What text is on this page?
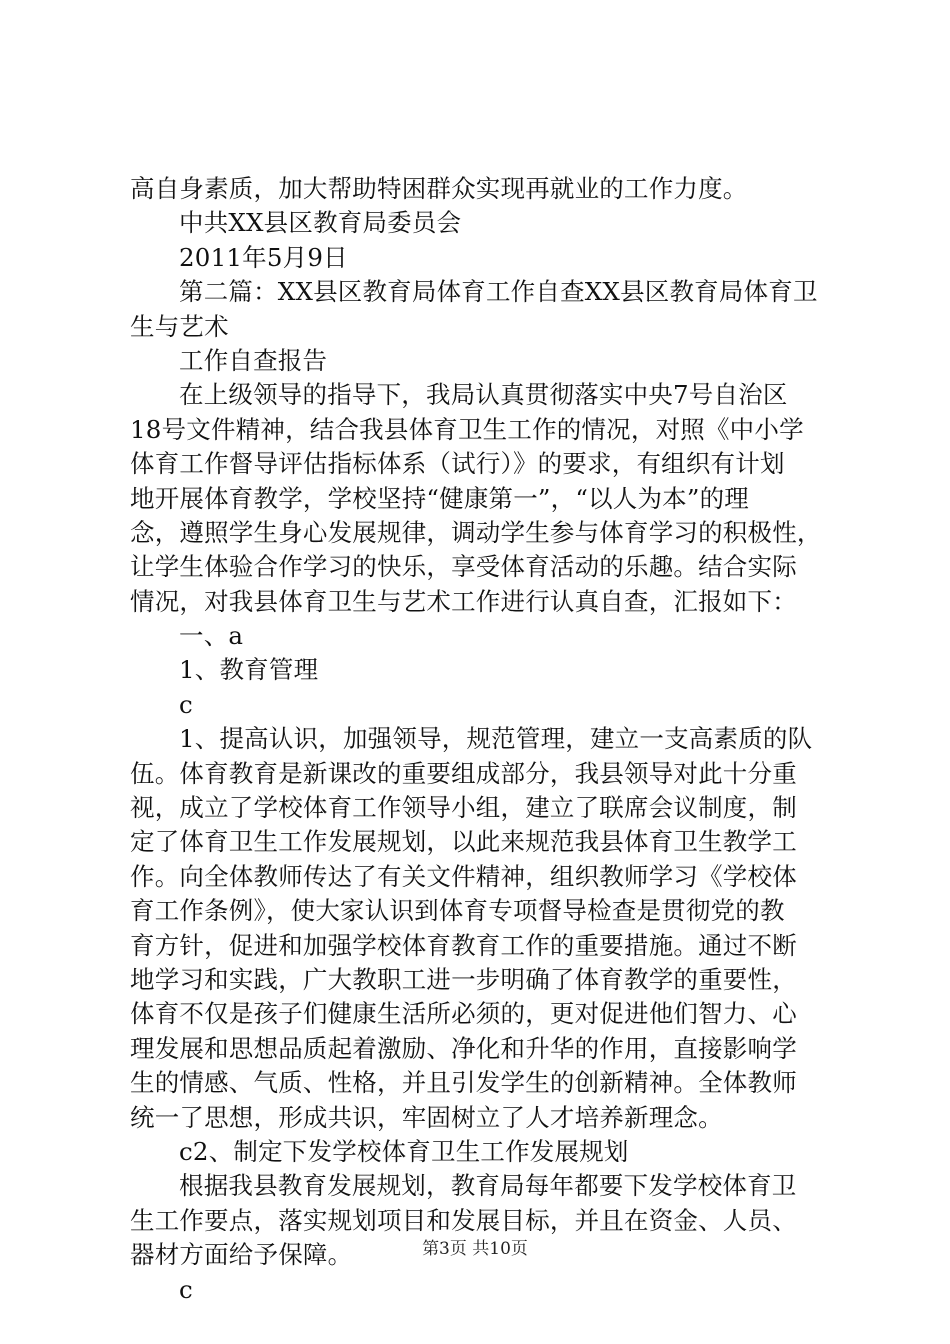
高自身素质，加大帮助特困群众实现再就业的工作力度。
中共XX县区教育局委员会
2011年5月9日
第二篇：XX县区教育局体育工作自查XX县区教育局体育卫
生与艺术
工作自查报告
在上级领导的指导下，我局认真贯彻落实中央7号自治区
18号文件精神，结合我县体育卫生工作的情况，对照《中小学
体育工作督导评估指标体系（试行）》的要求，有组织有计划
地开展体育教学，学校坚持“健康第一”，“以人为本”的理
念，遵照学生身心发展规律，调动学生参与体育学习的积极性，
让学生体验合作学习的快乐，享受体育活动的乐趣。结合实际
情况，对我县体育卫生与艺术工作进行认真自查，汇报如下：
一、a
1、教育管理
c
1、提高认识，加强领导，规范管理，建立一支高素质的队
伍。体育教育是新课改的重要组成部分，我县领导对此十分重
视，成立了学校体育工作领导小组，建立了联席会议制度，制
定了体育卫生工作发展规划，以此来规范我县体育卫生教学工
作。向全体教师传达了有关文件精神，组织教师学习《学校体
育工作条例》，使大家认识到体育专项督导检查是贯彻党的教
育方针，促进和加强学校体育教育工作的重要措施。通过不断
地学习和实践，广大教职工进一步明确了体育教学的重要性，
体育不仅是孩子们健康生活所必须的，更对促进他们智力、心
理发展和思想品质起着激励、净化和升华的作用，直接影响学
生的情感、气质、性格，并且引发学生的创新精神。全体教师
统一了思想，形成共识，牢固树立了人才培养新理念。
c2、制定下发学校体育卫生工作发展规划
根据我县教育发展规划，教育局每年都要下发学校体育卫
生工作要点，落实规划项目和发展目标，并且在资金、人员、
器材方面给予保障。
c
第3页 共10页
